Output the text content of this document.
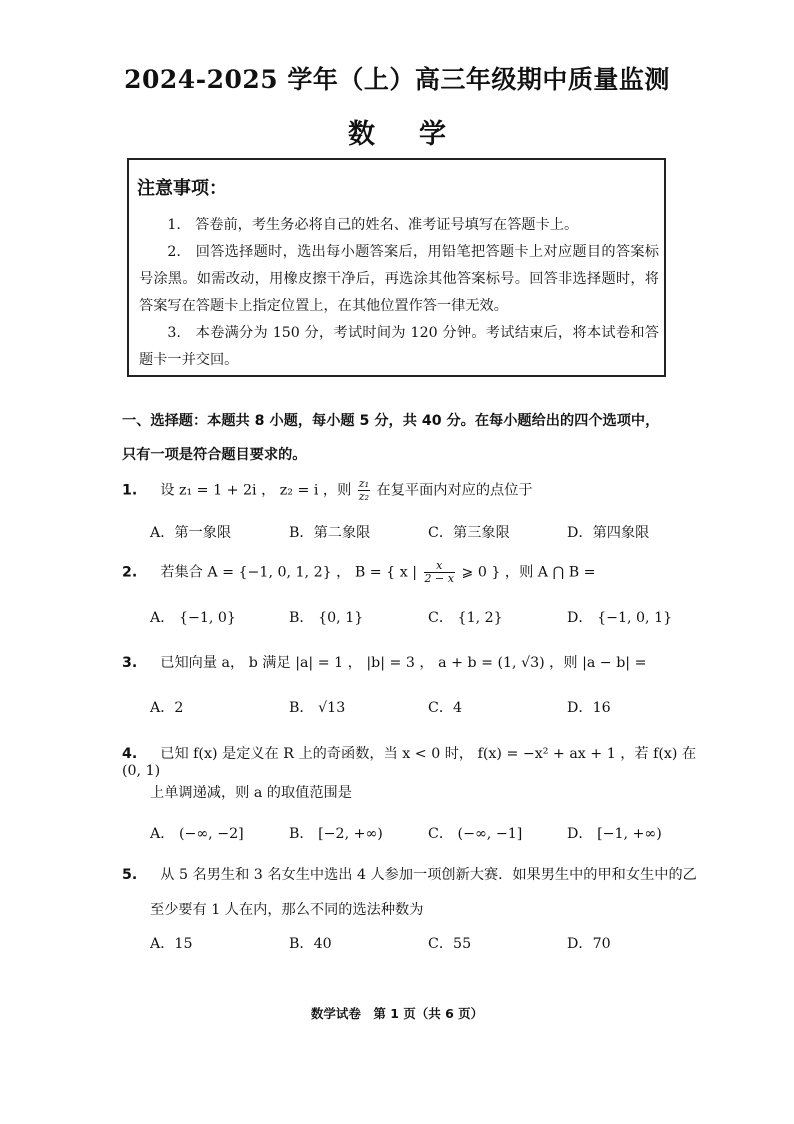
2024-2025 学年（上）高三年级期中质量监测
数 学
注意事项：

1.　答卷前，考生务必将自己的姓名、准考证号填写在答题卡上。

2.　回答选择题时，选出每小题答案后，用铅笔把答题卡上对应题目的答案标号涂黑。如需改动，用橡皮擦干净后，再选涂其他答案标号。回答非选择题时，将答案写在答题卡上指定位置上，在其他位置作答一律无效。

3.　本卷满分为 150 分，考试时间为 120 分钟。考试结束后，将本试卷和答题卡一并交回。

一、选择题：本题共 8 小题，每小题 5 分，共 40 分。在每小题给出的四个选项中，只有一项是符合题目要求的。
1. 设 z₁ = 1 + 2i ， z₂ = i ，则 $\frac{\text{z₁}}{\text{z₂}}$ 在复平面内对应的点位于
A．第一象限	B．第二象限	C．第三象限	D．第四象限
2. 若集合 A = {−1, 0, 1, 2} ， B = { x | $\frac{x}{2 - x}$ ⩾ 0 } ，则 A ⋂ B =
A． {−1, 0}	B． {0, 1}	C． {1, 2}	D． {−1, 0, 1}
3. 已知向量 a， b 满足 |a| = 1 ， |b| = 3 ， a + b = (1, √3) ，则 |a − b| =
A．2	B． √13	C．4	D．16
4. 已知 f(x) 是定义在 R 上的奇函数，当 x < 0 时， f(x) = −x² + ax + 1 ，若 f(x) 在 (0, 1)
上单调递减，则 a 的取值范围是
A． (−∞, −2]	B． [−2, +∞)	C． (−∞, −1]	D． [−1, +∞)
5. 从 5 名男生和 3 名女生中选出 4 人参加一项创新大赛．如果男生中的甲和女生中的乙
至少要有 1 人在内，那么不同的选法种数为
A．15	B．40	C．55	D．70
数学试卷　第 1 页（共 6 页）
